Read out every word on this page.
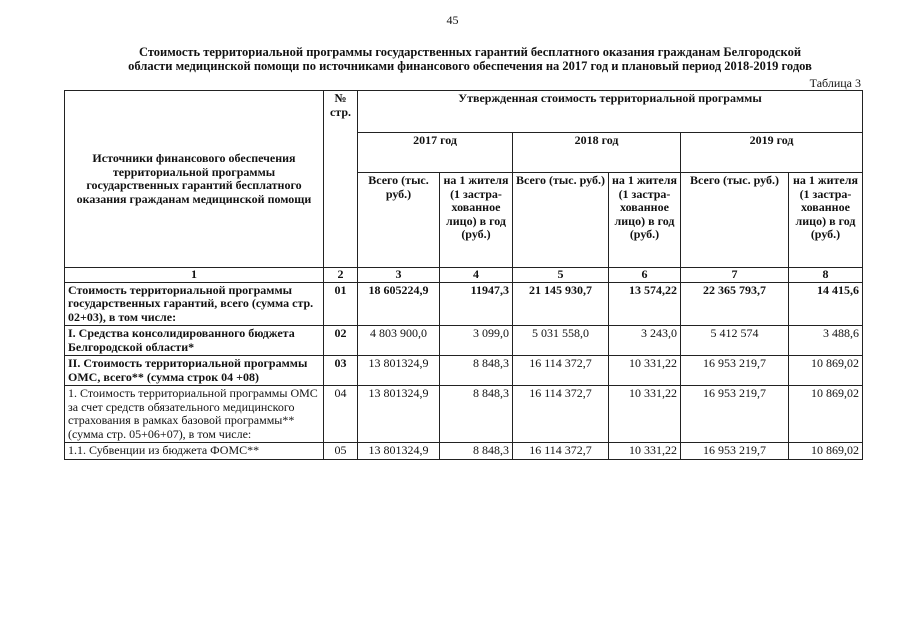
45
Стоимость территориальной программы государственных гарантий бесплатного оказания гражданам Белгородской
области медицинской помощи по источниками финансового обеспечения на 2017 год и плановый период 2018-2019 годов
Таблица 3
Источники финансового обеспечения территориальной программы государственных гарантий бесплатного оказания гражданам медицинской помощи	№ стр.	Утвержденная стоимость территориальной программы					
		2017 год		2018 год		2019 год	
		Всего (тыс. руб.)	на 1 жителя (1 застра-хованное лицо) в год (руб.)	Всего (тыс. руб.)	на 1 жителя (1 застра-хованное лицо) в год (руб.)	Всего (тыс. руб.)	на 1 жителя (1 застра-хованное лицо) в год (руб.)
1	2	3	4	5	6	7	8
Стоимость территориальной программы государственных гарантий, всего (сумма стр. 02+03), в том числе:	01	18 605224,9	11947,3	21 145 930,7	13 574,22	22 365 793,7	14 415,6
I. Средства консолидированного бюджета Белгородской области*	02	4 803 900,0	3 099,0	5 031 558,0	3 243,0	5 412 574	3 488,6
II. Стоимость территориальной программы ОМС, всего** (сумма строк 04 +08)	03	13 801324,9	8 848,3	16 114 372,7	10 331,22	16 953 219,7	10 869,02
1. Стоимость территориальной программы ОМС за счет средств обязательного медицинского страхования в рамках базовой программы** (сумма стр. 05+06+07), в том числе:	04	13 801324,9	8 848,3	16 114 372,7	10 331,22	16 953 219,7	10 869,02
1.1. Субвенции из бюджета ФОМС**	05	13 801324,9	8 848,3	16 114 372,7	10 331,22	16 953 219,7	10 869,02
